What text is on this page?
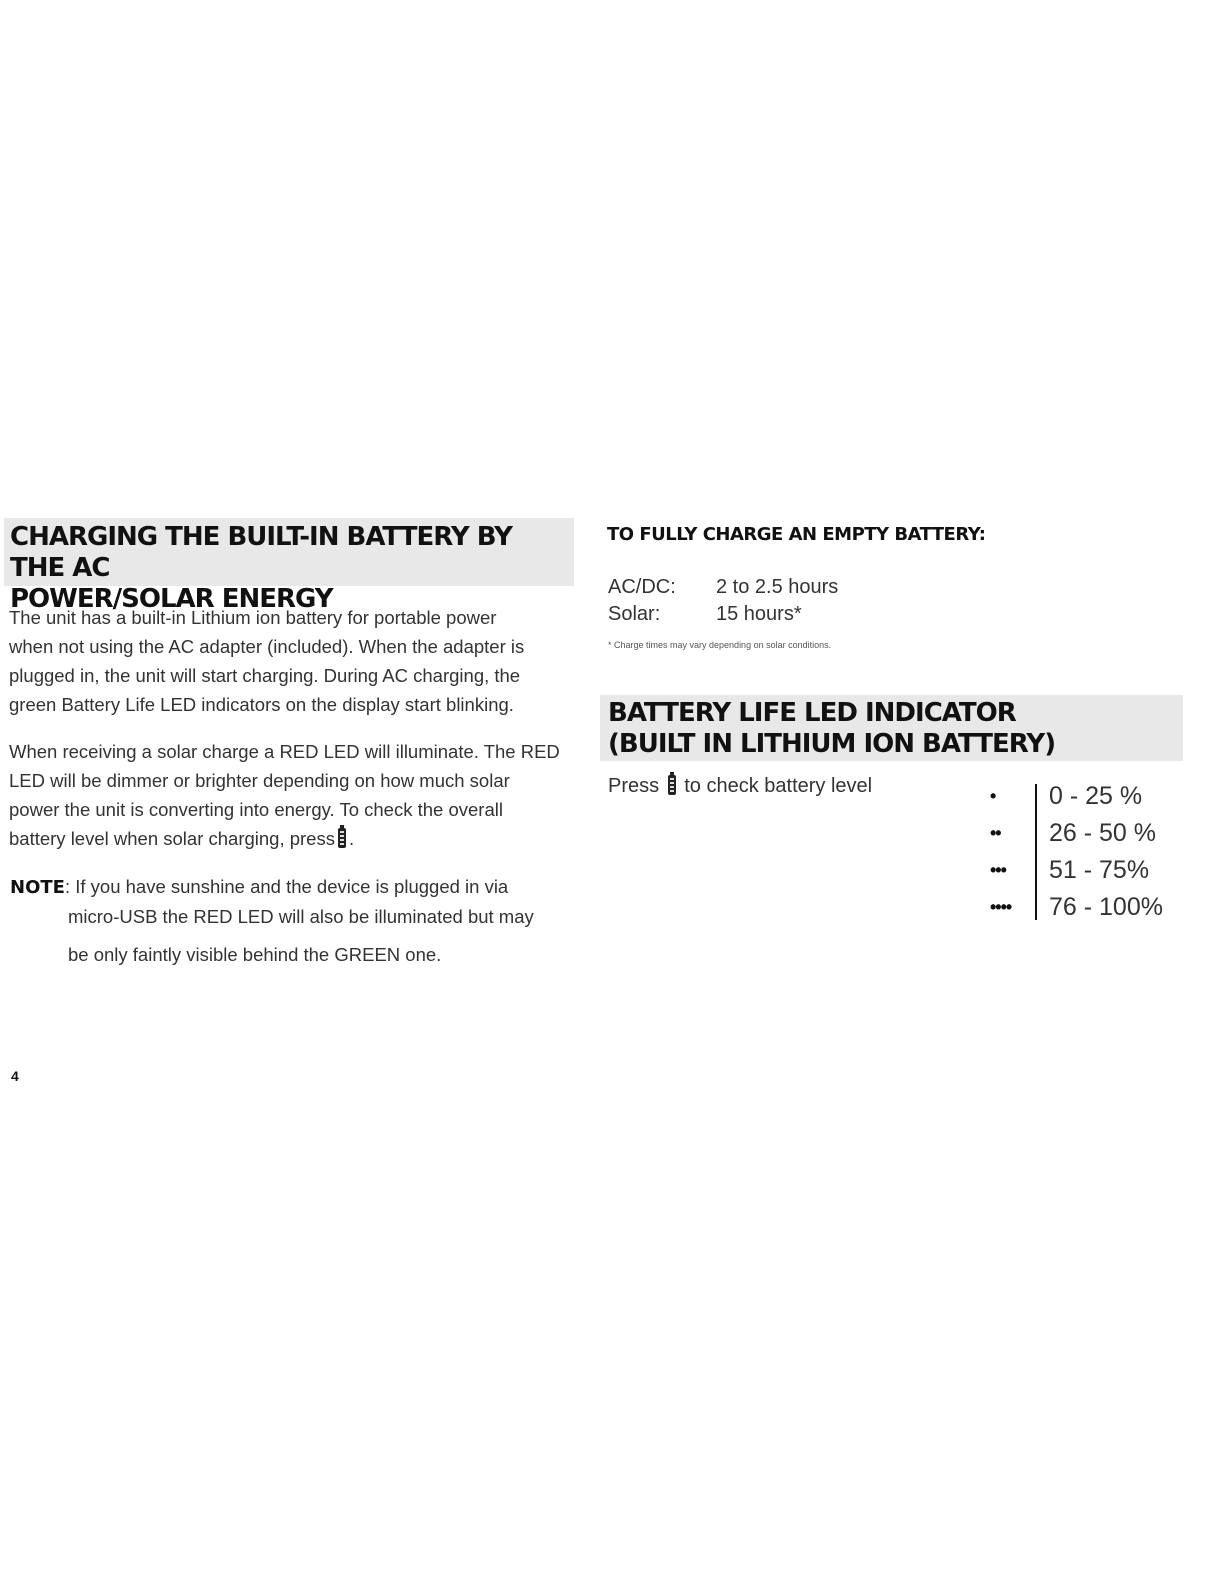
CHARGING THE BUILT-IN BATTERY BY THE AC
POWER/SOLAR ENERGY
The unit has a built-in Lithium ion battery for portable power
when not using the AC adapter (included). When the adapter is
plugged in, the unit will start charging. During AC charging, the
green Battery Life LED indicators on the display start blinking.
When receiving a solar charge a RED LED will illuminate. The RED
LED will be dimmer or brighter depending on how much solar
power the unit is converting into energy. To check the overall
battery level when solar charging, press .
NOTE: If you have sunshine and the device is plugged in via
micro-USB the RED LED will also be illuminated but may
be only faintly visible behind the GREEN one.
4
TO FULLY CHARGE AN EMPTY BATTERY:
AC/DC: 2 to 2.5 hours
Solar:	15 hours*
* Charge times may vary depending on solar conditions.
BATTERY LIFE LED INDICATOR
(BUILT IN LITHIUM ION BATTERY)
Press to check battery level	•	0 - 25 %
••	26 - 50 %
•••	51 - 75%
••••	76 - 100%
